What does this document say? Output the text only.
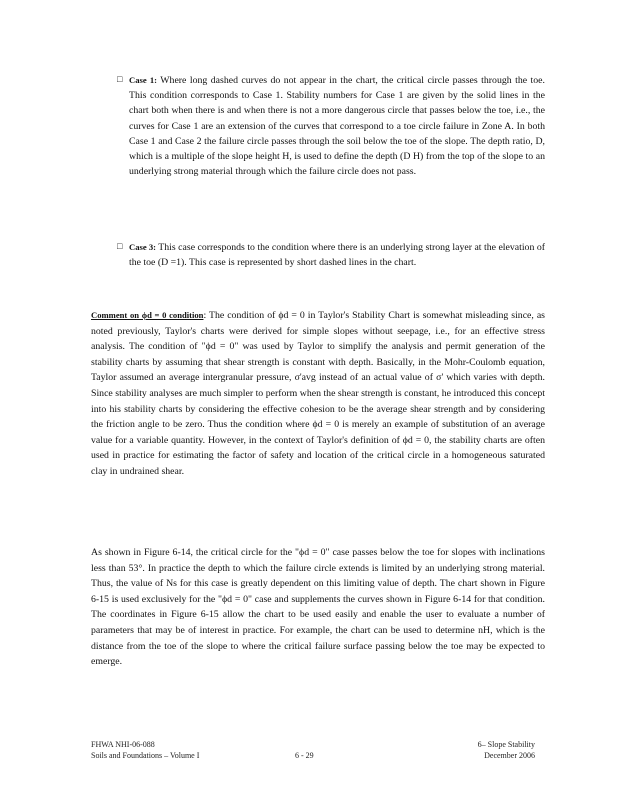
□ Case 1: Where long dashed curves do not appear in the chart, the critical circle passes through the toe. This condition corresponds to Case 1. Stability numbers for Case 1 are given by the solid lines in the chart both when there is and when there is not a more dangerous circle that passes below the toe, i.e., the curves for Case 1 are an extension of the curves that correspond to a toe circle failure in Zone A. In both Case 1 and Case 2 the failure circle passes through the soil below the toe of the slope. The depth ratio, D, which is a multiple of the slope height H, is used to define the depth (D H) from the top of the slope to an underlying strong material through which the failure circle does not pass.
□ Case 3: This case corresponds to the condition where there is an underlying strong layer at the elevation of the toe (D =1). This case is represented by short dashed lines in the chart.

Comment on ϕd = 0 condition: The condition of ϕd = 0 in Taylor's Stability Chart is somewhat misleading since, as noted previously, Taylor's charts were derived for simple slopes without seepage, i.e., for an effective stress analysis. The condition of "ϕd = 0" was used by Taylor to simplify the analysis and permit generation of the stability charts by assuming that shear strength is constant with depth. Basically, in the Mohr-Coulomb equation, Taylor assumed an average intergranular pressure, σ'avg instead of an actual value of σ' which varies with depth. Since stability analyses are much simpler to perform when the shear strength is constant, he introduced this concept into his stability charts by considering the effective cohesion to be the average shear strength and by considering the friction angle to be zero. Thus the condition where ϕd = 0 is merely an example of substitution of an average value for a variable quantity. However, in the context of Taylor's definition of ϕd = 0, the stability charts are often used in practice for estimating the factor of safety and location of the critical circle in a homogeneous saturated clay in undrained shear.

As shown in Figure 6-14, the critical circle for the "ϕd = 0" case passes below the toe for slopes with inclinations less than 53°. In practice the depth to which the failure circle extends is limited by an underlying strong material. Thus, the value of Ns for this case is greatly dependent on this limiting value of depth. The chart shown in Figure 6-15 is used exclusively for the "ϕd = 0" case and supplements the curves shown in Figure 6-14 for that condition. The coordinates in Figure 6-15 allow the chart to be used easily and enable the user to evaluate a number of parameters that may be of interest in practice. For example, the chart can be used to determine nH, which is the distance from the toe of the slope to where the critical failure surface passing below the toe may be expected to emerge.

FHWA NHI-06-088
Soils and Foundations – Volume I	6 - 29
6– Slope Stability
December 2006
